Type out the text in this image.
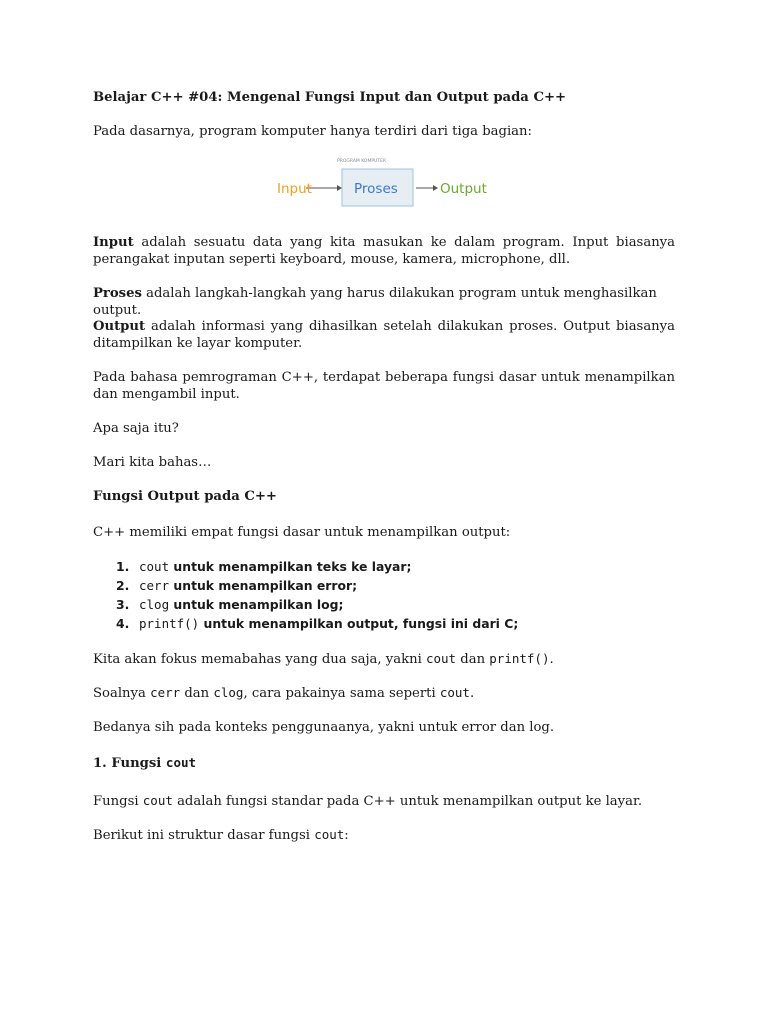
Belajar C++ #04: Mengenal Fungsi Input dan Output pada C++

Pada dasarnya, program komputer hanya terdiri dari tiga bagian:

PROGRAM KOMPUTER
Input	Proses	Output

Input adalah sesuatu data yang kita masukan ke dalam program. Input biasanya

perangakat inputan seperti keyboard, mouse, kamera, microphone, dll.

Proses adalah langkah-langkah yang harus dilakukan program untuk menghasilkan output.

Output adalah informasi yang dihasilkan setelah dilakukan proses. Output biasanya

ditampilkan ke layar komputer.

Pada bahasa pemrograman C++, terdapat beberapa fungsi dasar untuk menampilkan

dan mengambil input.

Apa saja itu?

Mari kita bahas…

Fungsi Output pada C++

C++ memiliki empat fungsi dasar untuk menampilkan output:

1. cout untuk menampilkan teks ke layar;
2. cerr untuk menampilkan error;
3. clog untuk menampilkan log;
4. printf() untuk menampilkan output, fungsi ini dari C;

Kita akan fokus memabahas yang dua saja, yakni cout dan printf().

Soalnya cerr dan clog, cara pakainya sama seperti cout.

Bedanya sih pada konteks penggunaanya, yakni untuk error dan log.

1. Fungsi cout

Fungsi cout adalah fungsi standar pada C++ untuk menampilkan output ke layar.

Berikut ini struktur dasar fungsi cout:
